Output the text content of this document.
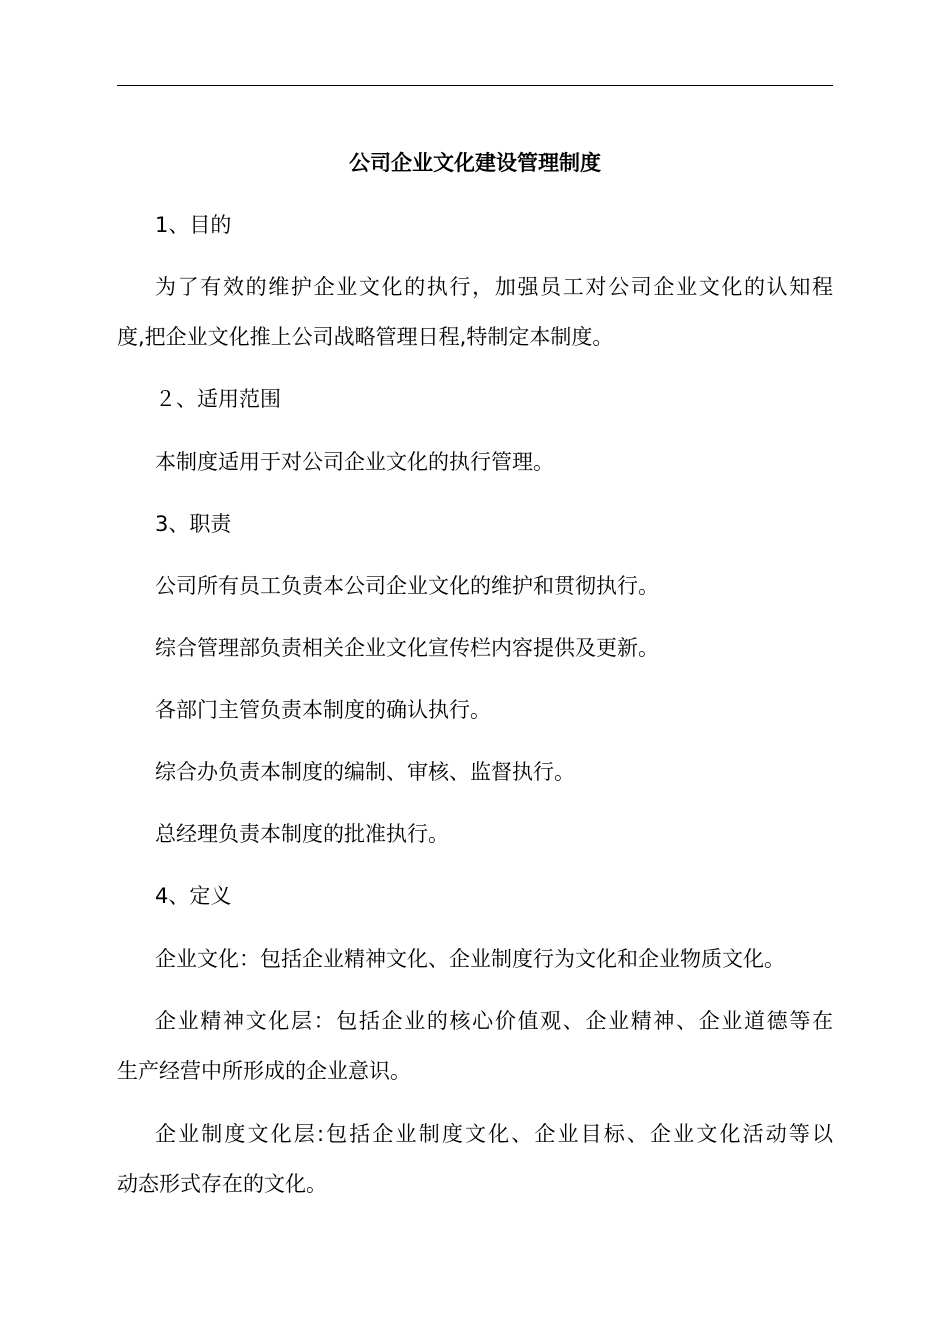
公司企业文化建设管理制度
1、目的
为了有效的维护企业文化的执行，加强员工对公司企业文化的认知程
度,把企业文化推上公司战略管理日程,特制定本制度。
２、适用范围
本制度适用于对公司企业文化的执行管理。
3、职责
公司所有员工负责本公司企业文化的维护和贯彻执行。
综合管理部负责相关企业文化宣传栏内容提供及更新。
各部门主管负责本制度的确认执行。
综合办负责本制度的编制、审核、监督执行。
总经理负责本制度的批准执行。
4、定义
企业文化：包括企业精神文化、企业制度行为文化和企业物质文化。
企业精神文化层：包括企业的核心价值观、企业精神、企业道德等在
生产经营中所形成的企业意识。
企业制度文化层:包括企业制度文化、企业目标、企业文化活动等以
动态形式存在的文化。
